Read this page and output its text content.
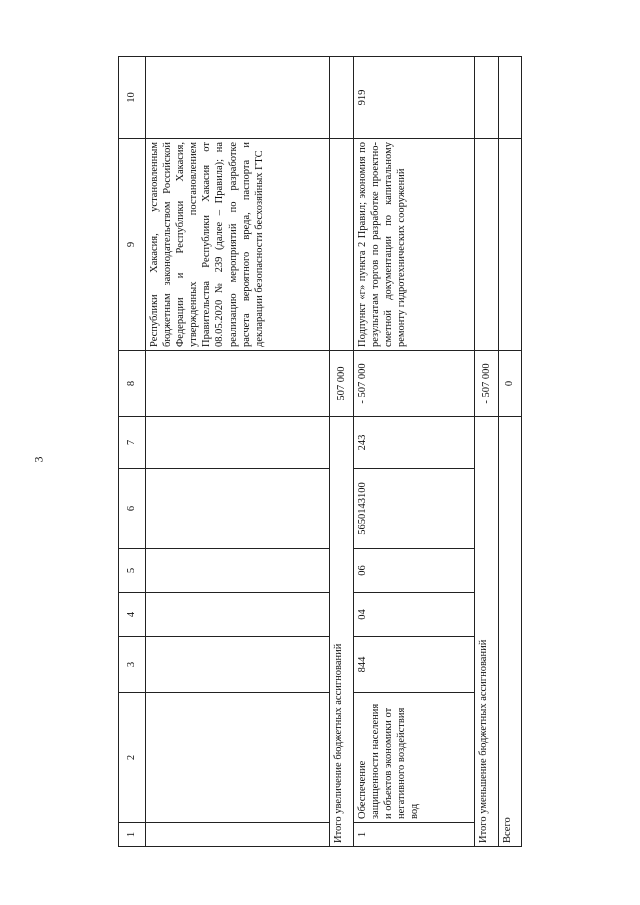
3
1	2	3	4	5	6	7	8	9	10
								Республики Хакасия, установленным бюджетным законодательством Российской Федерации и Республики Хакасия, утвержденных постановлением Правительства Республики Хакасия от 08.05.2020 № 239 (далее – Правила); на реализацию мероприятий по разработке расчета вероятного вреда, паспорта и декларации безопасности бесхозяйных ГТС	
Итого увеличение бюджетных ассигнований							507 000		
1	Обеспечение защищенности населения и объектов экономики от негативного воздействия вод	844	04	06	5650143100	243	- 507 000	Подпункт «г» пункта 2 Правил; экономия по результатам торгов по разработке проектно-сметной документации по капитальному ремонту гидротехнических сооружений	919
Итого уменьшение бюджетных ассигнований							- 507 000		
Всего							0		
